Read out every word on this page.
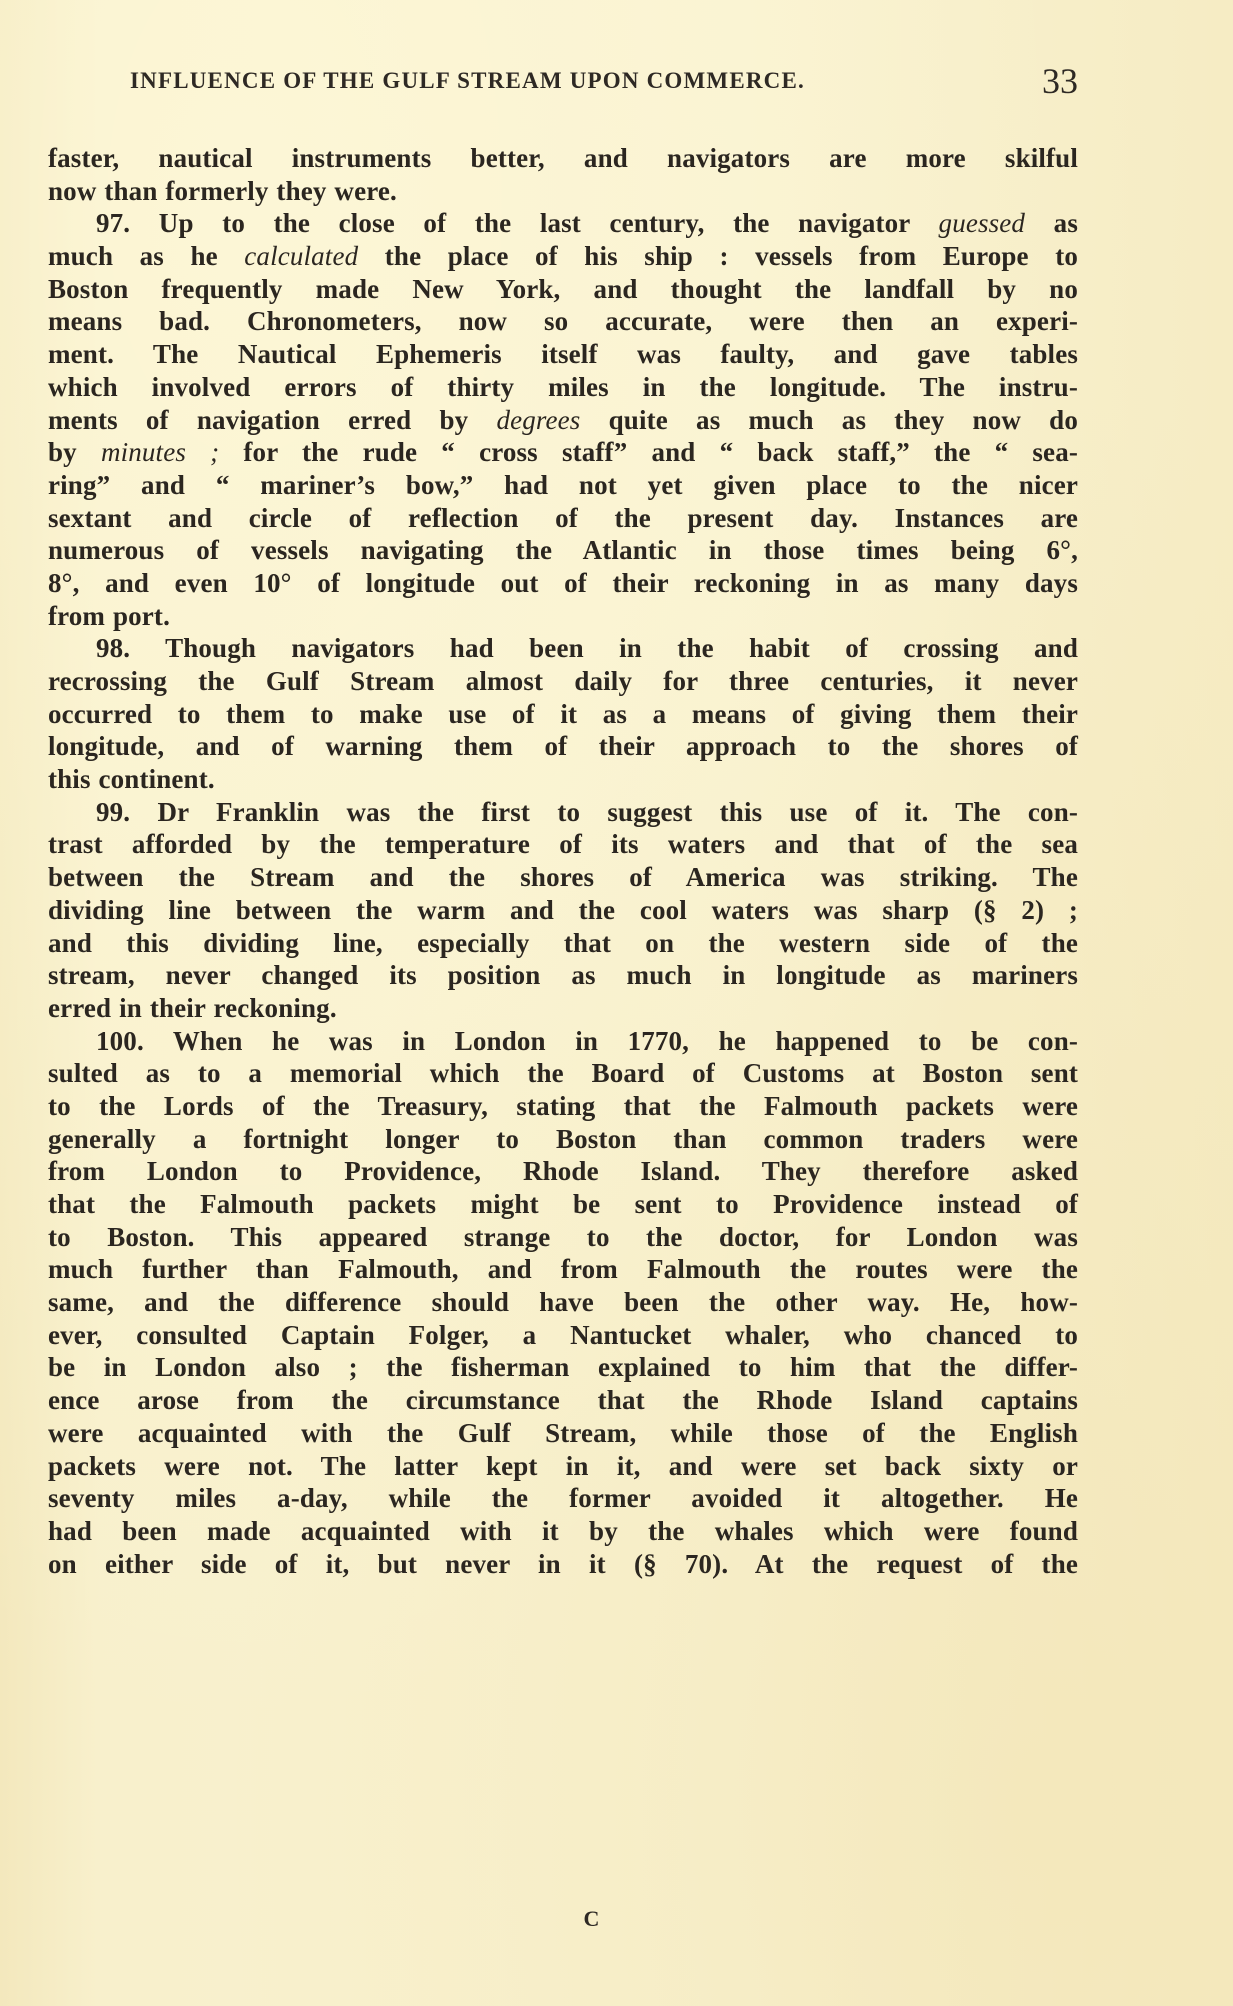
INFLUENCE OF THE GULF STREAM UPON COMMERCE.	33
faster, nautical instruments better, and navigators are more skilful
now than formerly they were.
97. Up to the close of the last century, the navigator guessed as
much as he calculated the place of his ship : vessels from Europe to
Boston frequently made New York, and thought the landfall by no
means bad. Chronometers, now so accurate, were then an experi-
ment. The Nautical Ephemeris itself was faulty, and gave tables
which involved errors of thirty miles in the longitude. The instru-
ments of navigation erred by degrees quite as much as they now do
by minutes ; for the rude “ cross staff” and “ back staff,” the “ sea-
ring” and “ mariner’s bow,” had not yet given place to the nicer
sextant and circle of reflection of the present day. Instances are
numerous of vessels navigating the Atlantic in those times being 6°,
8°, and even 10° of longitude out of their reckoning in as many days
from port.
98. Though navigators had been in the habit of crossing and
recrossing the Gulf Stream almost daily for three centuries, it never
occurred to them to make use of it as a means of giving them their
longitude, and of warning them of their approach to the shores of
this continent.
99. Dr Franklin was the first to suggest this use of it. The con-
trast afforded by the temperature of its waters and that of the sea
between the Stream and the shores of America was striking. The
dividing line between the warm and the cool waters was sharp (§ 2) ;
and this dividing line, especially that on the western side of the
stream, never changed its position as much in longitude as mariners
erred in their reckoning.
100. When he was in London in 1770, he happened to be con-
sulted as to a memorial which the Board of Customs at Boston sent
to the Lords of the Treasury, stating that the Falmouth packets were
generally a fortnight longer to Boston than common traders were
from London to Providence, Rhode Island. They therefore asked
that the Falmouth packets might be sent to Providence instead of
to Boston. This appeared strange to the doctor, for London was
much further than Falmouth, and from Falmouth the routes were the
same, and the difference should have been the other way. He, how-
ever, consulted Captain Folger, a Nantucket whaler, who chanced to
be in London also ; the fisherman explained to him that the differ-
ence arose from the circumstance that the Rhode Island captains
were acquainted with the Gulf Stream, while those of the English
packets were not. The latter kept in it, and were set back sixty or
seventy miles a-day, while the former avoided it altogether. He
had been made acquainted with it by the whales which were found
on either side of it, but never in it (§ 70). At the request of the
C
